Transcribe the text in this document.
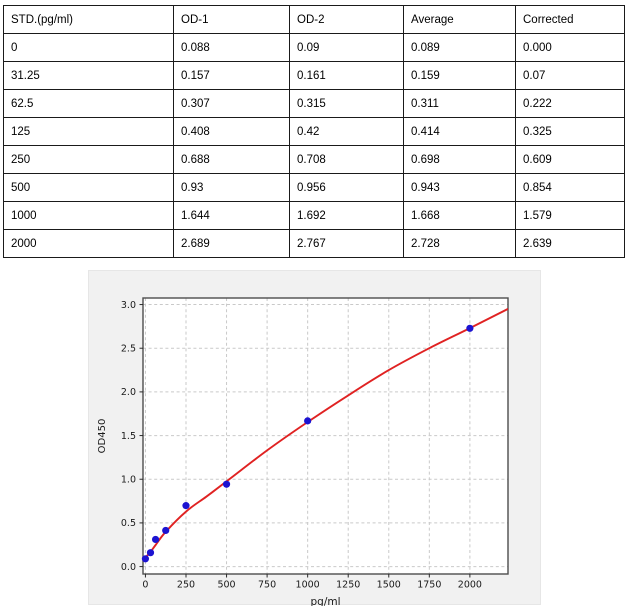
STD.(pg/ml)	OD-1	OD-2	Average	Corrected
0	0.088	0.09	0.089	0.000
31.25	0.157	0.161	0.159	0.07
62.5	0.307	0.315	0.311	0.222
125	0.408	0.42	0.414	0.325
250	0.688	0.708	0.698	0.609
500	0.93	0.956	0.943	0.854
1000	1.644	1.692	1.668	1.579
2000	2.689	2.767	2.728	2.639
0	250 500 750 1000 1250 1500 1750 2000
0.0
0.5
1.0
1.5
2.0
2.5
3.0
pg/ml
OD450
